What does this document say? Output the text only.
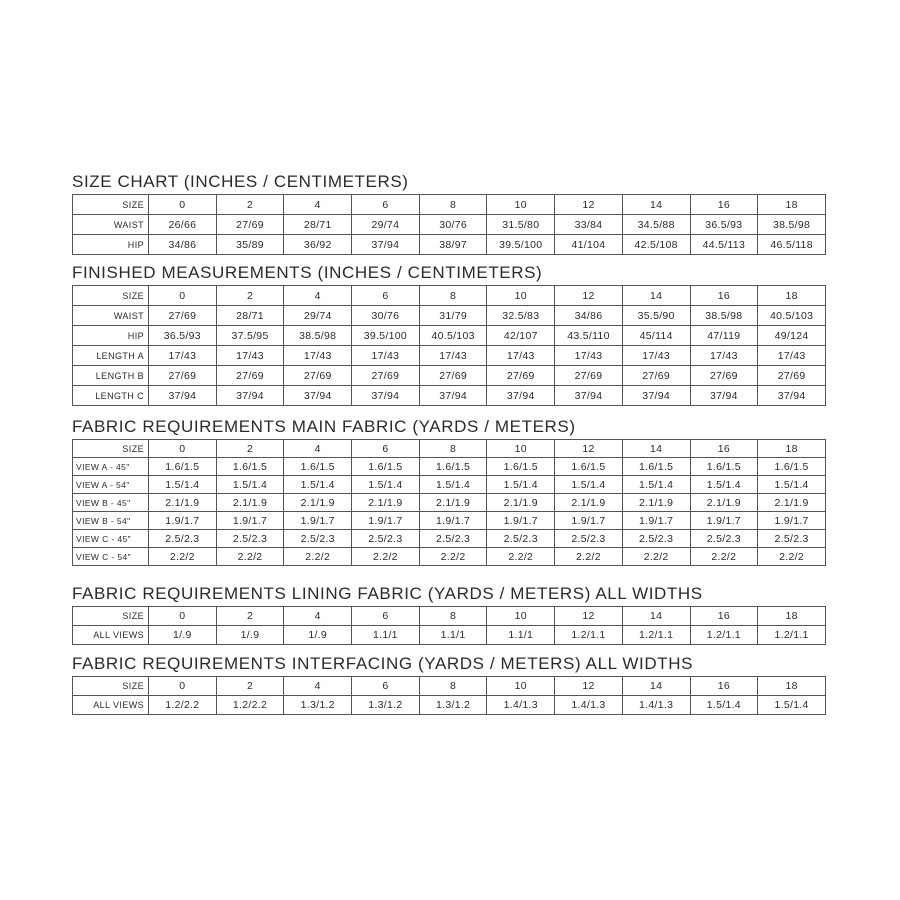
SIZE CHART (INCHES / CENTIMETERS)
SIZE	0	2	4	6	8	10	12	14	16	18
WAIST	26/66	27/69	28/71	29/74	30/76	31.5/80	33/84	34.5/88	36.5/93	38.5/98
HIP	34/86	35/89	36/92	37/94	38/97	39.5/100	41/104	42.5/108	44.5/113	46.5/118
FINISHED MEASUREMENTS (INCHES / CENTIMETERS)
SIZE	0	2	4	6	8	10	12	14	16	18
WAIST	27/69	28/71	29/74	30/76	31/79	32.5/83	34/86	35.5/90	38.5/98	40.5/103
HIP	36.5/93	37.5/95	38.5/98	39.5/100	40.5/103	42/107	43.5/110	45/114	47/119	49/124
LENGTH A	17/43	17/43	17/43	17/43	17/43	17/43	17/43	17/43	17/43	17/43
LENGTH B	27/69	27/69	27/69	27/69	27/69	27/69	27/69	27/69	27/69	27/69
LENGTH C	37/94	37/94	37/94	37/94	37/94	37/94	37/94	37/94	37/94	37/94
FABRIC REQUIREMENTS MAIN FABRIC (YARDS / METERS)
SIZE	0	2	4	6	8	10	12	14	16	18
VIEW A - 45"	1.6/1.5	1.6/1.5	1.6/1.5	1.6/1.5	1.6/1.5	1.6/1.5	1.6/1.5	1.6/1.5	1.6/1.5	1.6/1.5
VIEW A - 54"	1.5/1.4	1.5/1.4	1.5/1.4	1.5/1.4	1.5/1.4	1.5/1.4	1.5/1.4	1.5/1.4	1.5/1.4	1.5/1.4
VIEW B - 45"	2.1/1.9	2.1/1.9	2.1/1.9	2.1/1.9	2.1/1.9	2.1/1.9	2.1/1.9	2.1/1.9	2.1/1.9	2.1/1.9
VIEW B - 54"	1.9/1.7	1.9/1.7	1.9/1.7	1.9/1.7	1.9/1.7	1.9/1.7	1.9/1.7	1.9/1.7	1.9/1.7	1.9/1.7
VIEW C - 45"	2.5/2.3	2.5/2.3	2.5/2.3	2.5/2.3	2.5/2.3	2.5/2.3	2.5/2.3	2.5/2.3	2.5/2.3	2.5/2.3
VIEW C - 54"	2.2/2	2.2/2	2.2/2	2.2/2	2.2/2	2.2/2	2.2/2	2.2/2	2.2/2	2.2/2
FABRIC REQUIREMENTS LINING FABRIC (YARDS / METERS) ALL WIDTHS
SIZE	0	2	4	6	8	10	12	14	16	18
ALL VIEWS	1/.9	1/.9	1/.9	1.1/1	1.1/1	1.1/1	1.2/1.1	1.2/1.1	1.2/1.1	1.2/1.1
FABRIC REQUIREMENTS INTERFACING (YARDS / METERS) ALL WIDTHS
SIZE	0	2	4	6	8	10	12	14	16	18
ALL VIEWS	1.2/2.2	1.2/2.2	1.3/1.2	1.3/1.2	1.3/1.2	1.4/1.3	1.4/1.3	1.4/1.3	1.5/1.4	1.5/1.4
